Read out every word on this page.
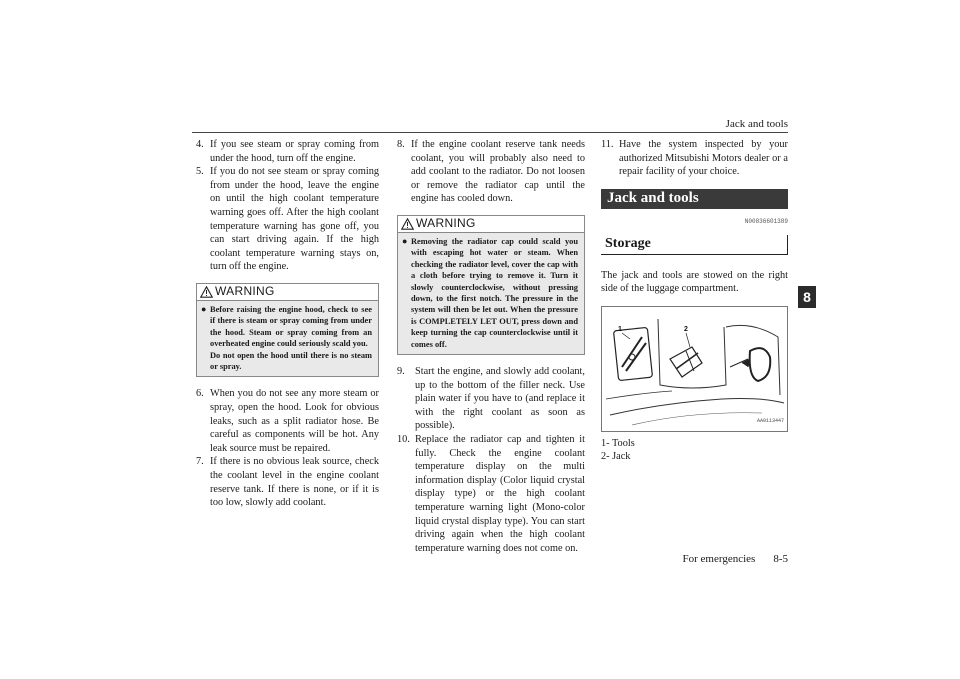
Jack and tools
4. If you see steam or spray coming from under the hood, turn off the engine.
5. If you do not see steam or spray coming from under the hood, leave the engine on until the high coolant temperature warning goes off. After the high coolant temperature warning has gone off, you can start driving again. If the high coolant temperature warning stays on, turn off the engine.
WARNING
● Before raising the engine hood, check to see if there is steam or spray coming from under the hood. Steam or spray coming from an overheated engine could seriously scald you.
Do not open the hood until there is no steam or spray.
6. When you do not see any more steam or spray, open the hood. Look for obvious leaks, such as a split radiator hose. Be careful as components will be hot. Any leak source must be repaired.
7. If there is no obvious leak source, check the coolant level in the engine coolant reserve tank. If there is none, or if it is too low, slowly add coolant.
8. If the engine coolant reserve tank needs coolant, you will probably also need to add coolant to the radiator. Do not loosen or remove the radiator cap until the engine has cooled down.
WARNING
● Removing the radiator cap could scald you with escaping hot water or steam. When checking the radiator level, cover the cap with a cloth before trying to remove it. Turn it slowly counterclockwise, without pressing down, to the first notch. The pressure in the system will then be let out. When the pressure is COMPLETELY LET OUT, press down and keep turning the cap counterclockwise until it comes off.
9. Start the engine, and slowly add coolant, up to the bottom of the filler neck. Use plain water if you have to (and replace it with the right coolant as soon as possible).
10. Replace the radiator cap and tighten it fully. Check the engine coolant temperature display on the multi information display (Color liquid crystal display type) or the high coolant temperature warning light (Mono-color liquid crystal display type). You can start driving again when the high coolant temperature warning does not come on.
11. Have the system inspected by your authorized Mitsubishi Motors dealer or a repair facility of your choice.
Jack and tools
N00836601389
Storage

The jack and tools are stowed on the right side of the luggage compartment.

1	2
AA0113447
1- Tools
2- Jack
8
For emergencies 8-5
